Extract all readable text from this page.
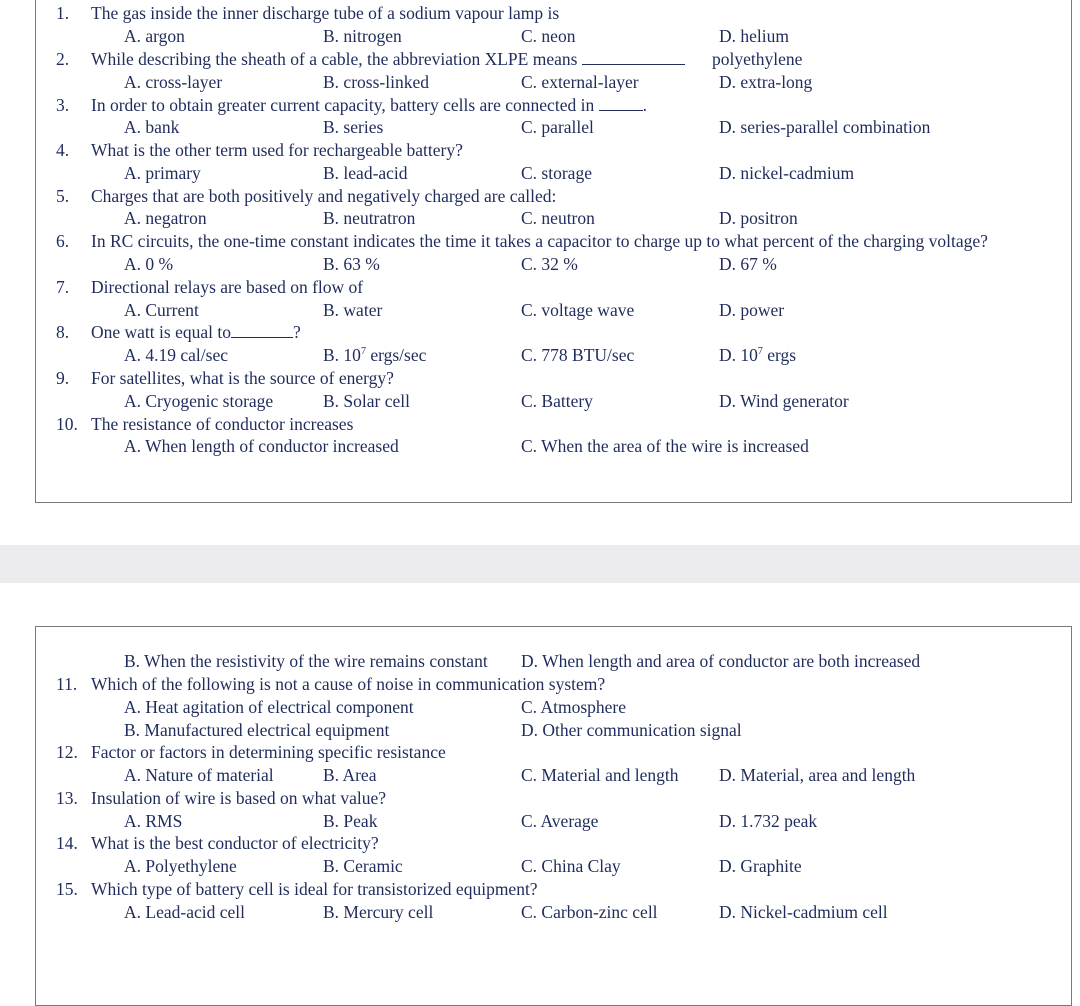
1.	The gas inside the inner discharge tube of a sodium vapour lamp is
A. argon	B. nitrogen	C. neon	D. helium
2.	While describing the sheath of a cable, the abbreviation XLPE means	polyethylene
A. cross-layer	B. cross-linked	C. external-layer	D. extra-long
3.	In order to obtain greater current capacity, battery cells are connected in	.
A. bank	B. series	C. parallel	D. series-parallel combination
4.	What is the other term used for rechargeable battery?
A. primary	B. lead-acid	C. storage	D. nickel-cadmium
5.	Charges that are both positively and negatively charged are called:
A. negatron	B. neutratron	C. neutron	D. positron
6.	In RC circuits, the one-time constant indicates the time it takes a capacitor to charge up to what percent of the charging voltage?
A. 0 %	B. 63 %	C. 32 %	D. 67 %
7.	Directional relays are based on flow of
A. Current	B. water	C. voltage wave	D. power
8.	One watt is equal to	?
A. 4.19 cal/sec	B. $10^7$ ergs/sec	C. 778 BTU/sec	D. $10^7$ ergs
9.	For satellites, what is the source of energy?
A. Cryogenic storage	B. Solar cell	C. Battery	D. Wind generator
10. The resistance of conductor increases
A. When length of conductor increased	C. When the area of the wire is increased
B. When the resistivity of the wire remains constant D. When length and area of conductor are both increased
11. Which of the following is not a cause of noise in communication system?
A. Heat agitation of electrical component	C. Atmosphere
B. Manufactured electrical equipment	D. Other communication signal
12. Factor or factors in determining specific resistance
A. Nature of material	B. Area	C. Material and length D. Material, area and length
13. Insulation of wire is based on what value?
A. RMS	B. Peak	C. Average	D. 1.732 peak
14. What is the best conductor of electricity?
A. Polyethylene	B. Ceramic	C. China Clay	D. Graphite
15. Which type of battery cell is ideal for transistorized equipment?
A. Lead-acid cell	B. Mercury cell	C. Carbon-zinc cell	D. Nickel-cadmium cell
